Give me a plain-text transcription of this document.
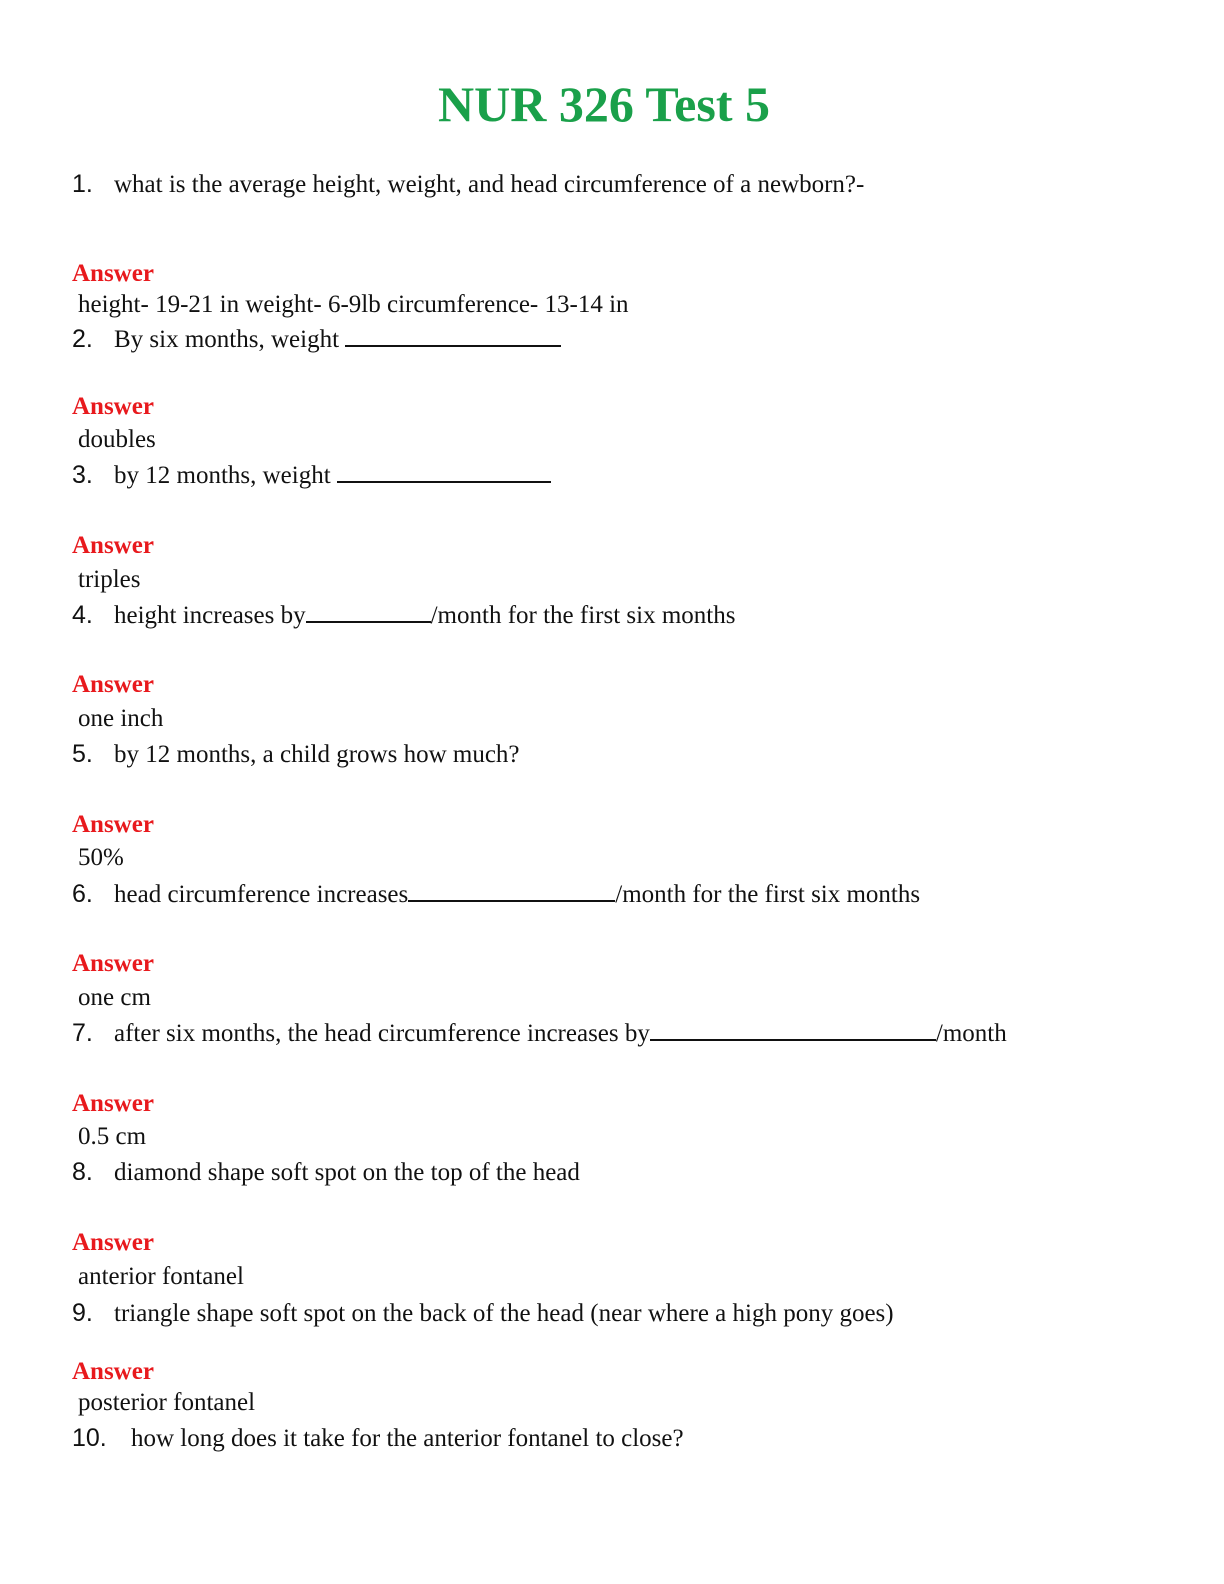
NUR 326 Test 5
1. what is the average height, weight, and head circumference of a newborn?-
Answer
height- 19-21 in weight- 6-9lb circumference- 13-14 in
2. By six months, weight
Answer
doubles
3. by 12 months, weight
Answer
triples
4. height increases by	/month for the first six months
Answer
one inch
5. by 12 months, a child grows how much?
Answer
50%
6. head circumference increases	/month for the first six months
Answer
one cm
7. after six months, the head circumference increases by	/month
Answer
0.5 cm
8. diamond shape soft spot on the top of the head
Answer
anterior fontanel
9. triangle shape soft spot on the back of the head (near where a high pony goes)
Answer
posterior fontanel
10. how long does it take for the anterior fontanel to close?
